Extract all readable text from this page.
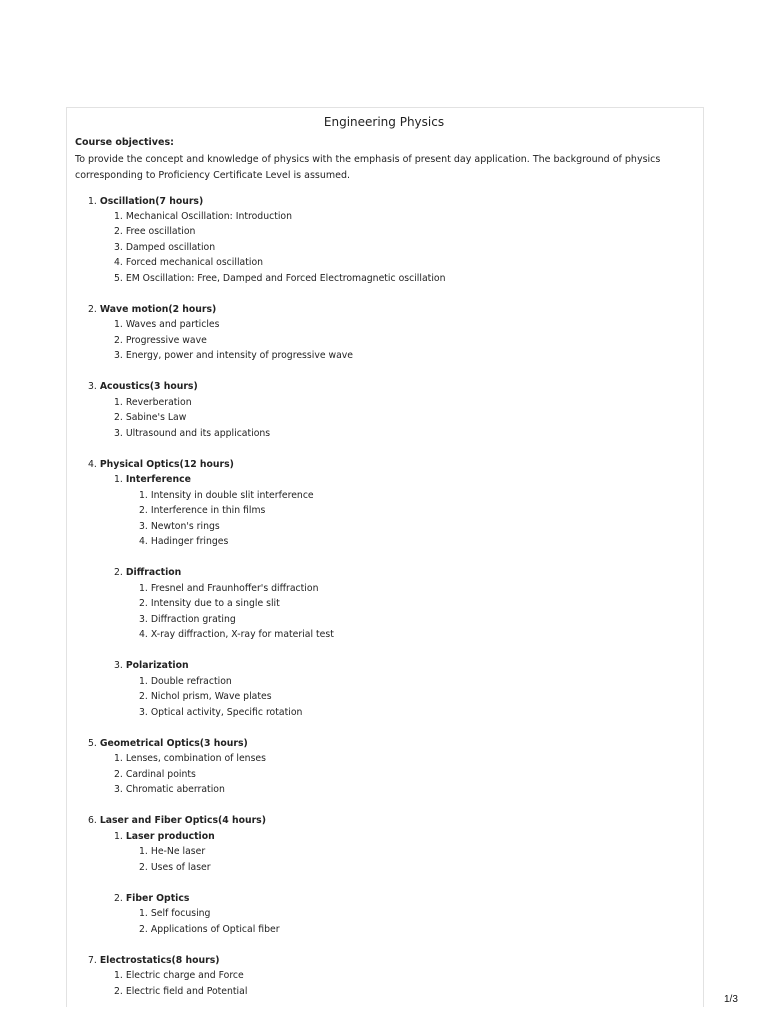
Engineering Physics
Course objectives:
To provide the concept and knowledge of physics with the emphasis of present day application. The background of physics corresponding to Proficiency Certificate Level is assumed.
1. Oscillation(7 hours)
1. Mechanical Oscillation: Introduction
2. Free oscillation
3. Damped oscillation
4. Forced mechanical oscillation
5. EM Oscillation: Free, Damped and Forced Electromagnetic oscillation
2. Wave motion(2 hours)
1. Waves and particles
2. Progressive wave
3. Energy, power and intensity of progressive wave
3. Acoustics(3 hours)
1. Reverberation
2. Sabine's Law
3. Ultrasound and its applications
4. Physical Optics(12 hours)
1. Interference
1. Intensity in double slit interference
2. Interference in thin films
3. Newton's rings
4. Hadinger fringes
2. Diffraction
1. Fresnel and Fraunhoffer's diffraction
2. Intensity due to a single slit
3. Diffraction grating
4. X-ray diffraction, X-ray for material test
3. Polarization
1. Double refraction
2. Nichol prism, Wave plates
3. Optical activity, Specific rotation
5. Geometrical Optics(3 hours)
1. Lenses, combination of lenses
2. Cardinal points
3. Chromatic aberration
6. Laser and Fiber Optics(4 hours)
1. Laser production
1. He-Ne laser
2. Uses of laser
2. Fiber Optics
1. Self focusing
2. Applications of Optical fiber
7. Electrostatics(8 hours)
1. Electric charge and Force
2. Electric field and Potential
1/3
